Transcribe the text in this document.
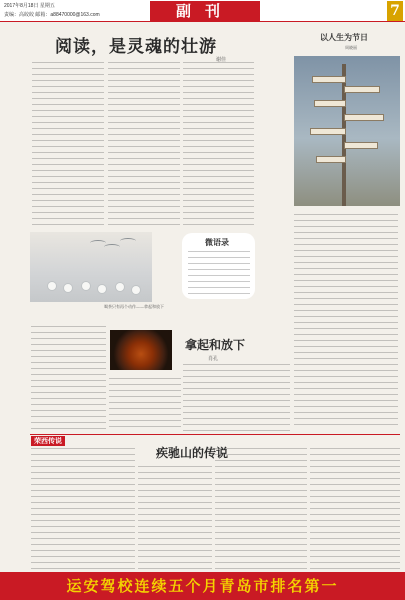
2017年8月18日 星期五
责编：高皎皎 邮箱：a88470000@163.com	副刊	7
阅读，是灵魂的壮游
谢佳
微语录
以人生为节日
周晓丽
喝茶只有再个动作——拿起和放下
拿起和放下
肖孔
荣西传说
疾驰山的传说
运安驾校连续五个月青岛市排名第一
